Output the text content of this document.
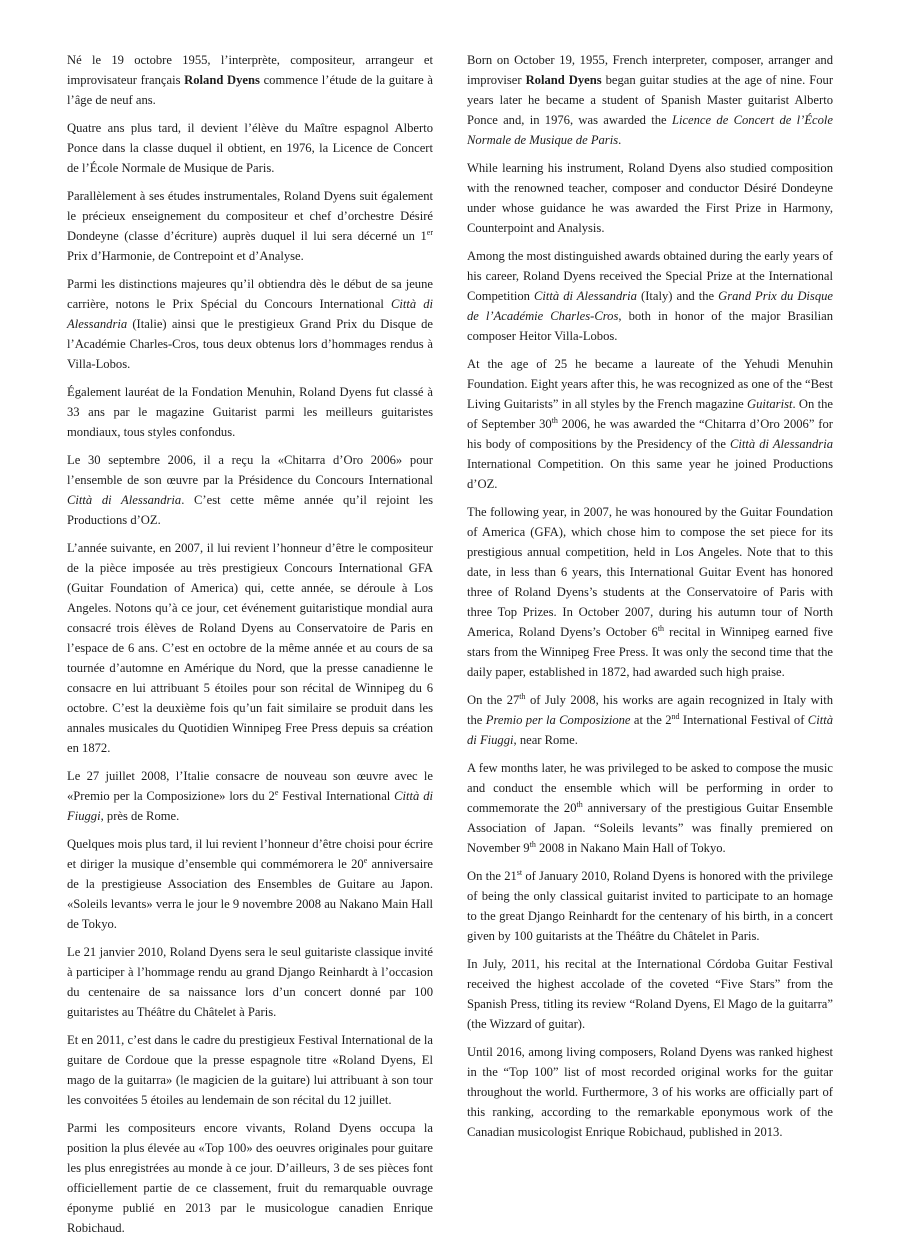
Né le 19 octobre 1955, l’interprète, compositeur, arrangeur et improvisateur français Roland Dyens commence l’étude de la guitare à l’âge de neuf ans.

Quatre ans plus tard, il devient l’élève du Maître espagnol Alberto Ponce dans la classe duquel il obtient, en 1976, la Licence de Concert de l’École Normale de Musique de Paris.

Parallèlement à ses études instrumentales, Roland Dyens suit également le précieux enseignement du compositeur et chef d’orchestre Désiré Dondeyne (classe d’écriture) auprès duquel il lui sera décerné un 1er Prix d’Harmonie, de Contrepoint et d’Analyse.

Parmi les distinctions majeures qu’il obtiendra dès le début de sa jeune carrière, notons le Prix Spécial du Concours International Città di Alessandria (Italie) ainsi que le prestigieux Grand Prix du Disque de l’Académie Charles-Cros, tous deux obtenus lors d’hommages rendus à Villa-Lobos.

Également lauréat de la Fondation Menuhin, Roland Dyens fut classé à 33 ans par le magazine Guitarist parmi les meilleurs guitaristes mondiaux, tous styles confondus.

Le 30 septembre 2006, il a reçu la «Chitarra d’Oro 2006» pour l’ensemble de son œuvre par la Présidence du Concours International Città di Alessandria. C’est cette même année qu’il rejoint les Productions d’OZ.

L’année suivante, en 2007, il lui revient l’honneur d’être le compositeur de la pièce imposée au très prestigieux Concours International GFA (Guitar Foundation of America) qui, cette année, se déroule à Los Angeles. Notons qu’à ce jour, cet événement guitaristique mondial aura consacré trois élèves de Roland Dyens au Conservatoire de Paris en l’espace de 6 ans. C’est en octobre de la même année et au cours de sa tournée d’automne en Amérique du Nord, que la presse canadienne le consacre en lui attribuant 5 étoiles pour son récital de Winnipeg du 6 octobre. C’est la deuxième fois qu’un fait similaire se produit dans les annales musicales du Quotidien Winnipeg Free Press depuis sa création en 1872.

Le 27 juillet 2008, l’Italie consacre de nouveau son œuvre avec le «Premio per la Composizione» lors du 2e Festival International Città di Fiuggi, près de Rome.

Quelques mois plus tard, il lui revient l’honneur d’être choisi pour écrire et diriger la musique d’ensemble qui commémorera le 20e anniversaire de la prestigieuse Association des Ensembles de Guitare au Japon. «Soleils levants» verra le jour le 9 novembre 2008 au Nakano Main Hall de Tokyo.

Le 21 janvier 2010, Roland Dyens sera le seul guitariste classique invité à participer à l’hommage rendu au grand Django Reinhardt à l’occasion du centenaire de sa naissance lors d’un concert donné par 100 guitaristes au Théâtre du Châtelet à Paris.

Et en 2011, c’est dans le cadre du prestigieux Festival International de la guitare de Cordoue que la presse espagnole titre «Roland Dyens, El mago de la guitarra» (le magicien de la guitare) lui attribuant à son tour les convoitées 5 étoiles au lendemain de son récital du 12 juillet.

Parmi les compositeurs encore vivants, Roland Dyens occupa la position la plus élevée au «Top 100» des oeuvres originales pour guitare les plus enregistrées au monde à ce jour. D’ailleurs, 3 de ses pièces font officiellement partie de ce classement, fruit du remarquable ouvrage éponyme publié en 2013 par le musicologue canadien Enrique Robichaud.

Born on October 19, 1955, French interpreter, composer, arranger and improviser Roland Dyens began guitar studies at the age of nine. Four years later he became a student of Spanish Master guitarist Alberto Ponce and, in 1976, was awarded the Licence de Concert de l’École Normale de Musique de Paris.

While learning his instrument, Roland Dyens also studied composition with the renowned teacher, composer and conductor Désiré Dondeyne under whose guidance he was awarded the First Prize in Harmony, Counterpoint and Analysis.

Among the most distinguished awards obtained during the early years of his career, Roland Dyens received the Special Prize at the International Competition Città di Alessandria (Italy) and the Grand Prix du Disque de l’Académie Charles-Cros, both in honor of the major Brasilian composer Heitor Villa-Lobos.

At the age of 25 he became a laureate of the Yehudi Menuhin Foundation. Eight years after this, he was recognized as one of the “Best Living Guitarists” in all styles by the French magazine Guitarist. On the of September 30th 2006, he was awarded the “Chitarra d’Oro 2006” for his body of compositions by the Presidency of the Città di Alessandria International Competition. On this same year he joined Productions d’OZ.

The following year, in 2007, he was honoured by the Guitar Foundation of America (GFA), which chose him to compose the set piece for its prestigious annual competition, held in Los Angeles. Note that to this date, in less than 6 years, this International Guitar Event has honored three of Roland Dyens’s students at the Conservatoire of Paris with three Top Prizes. In October 2007, during his autumn tour of North America, Roland Dyens’s October 6th recital in Winnipeg earned five stars from the Winnipeg Free Press. It was only the second time that the daily paper, established in 1872, had awarded such high praise.

On the 27th of July 2008, his works are again recognized in Italy with the Premio per la Composizione at the 2nd International Festival of Città di Fiuggi, near Rome.

A few months later, he was privileged to be asked to compose the music and conduct the ensemble which will be performing in order to commemorate the 20th anniversary of the prestigious Guitar Ensemble Association of Japan. “Soleils levants” was finally premiered on November 9th 2008 in Nakano Main Hall of Tokyo.

On the 21st of January 2010, Roland Dyens is honored with the privilege of being the only classical guitarist invited to participate to an homage to the great Django Reinhardt for the centenary of his birth, in a concert given by 100 guitarists at the Théâtre du Châtelet in Paris.

In July, 2011, his recital at the International Córdoba Guitar Festival received the highest accolade of the coveted “Five Stars” from the Spanish Press, titling its review “Roland Dyens, El Mago de la guitarra” (the Wizzard of guitar).

Until 2016, among living composers, Roland Dyens was ranked highest in the “Top 100” list of most recorded original works for the guitar throughout the world. Furthermore, 3 of his works are officially part of this ranking, according to the remarkable eponymous work of the Canadian musicologist Enrique Robichaud, published in 2013.
